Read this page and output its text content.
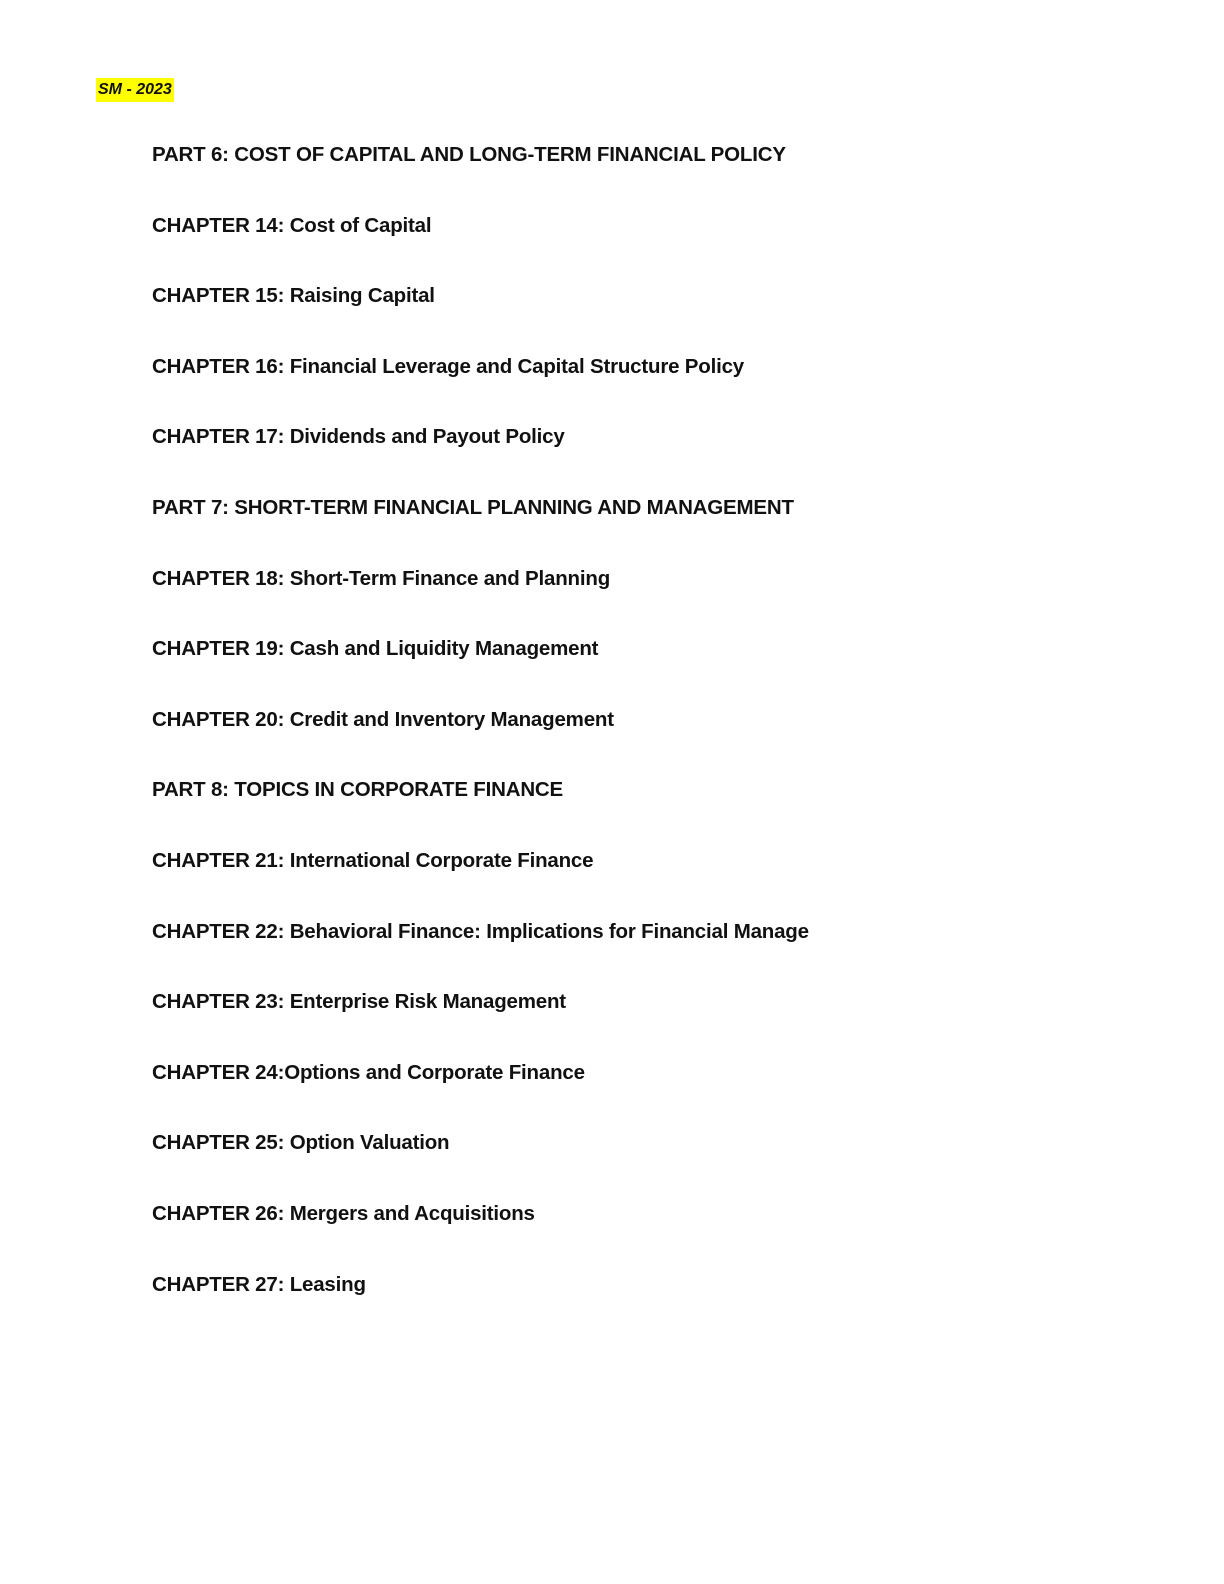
SM - 2023
PART 6: COST OF CAPITAL AND LONG-TERM FINANCIAL POLICY
CHAPTER 14: Cost of Capital
CHAPTER 15: Raising Capital
CHAPTER 16: Financial Leverage and Capital Structure Policy
CHAPTER 17: Dividends and Payout Policy
PART 7: SHORT-TERM FINANCIAL PLANNING AND MANAGEMENT
CHAPTER 18: Short-Term Finance and Planning
CHAPTER 19: Cash and Liquidity Management
CHAPTER 20: Credit and Inventory Management
PART 8: TOPICS IN CORPORATE FINANCE
CHAPTER 21: International Corporate Finance
CHAPTER 22: Behavioral Finance: Implications for Financial Manage
CHAPTER 23: Enterprise Risk Management
CHAPTER 24:Options and Corporate Finance
CHAPTER 25: Option Valuation
CHAPTER 26: Mergers and Acquisitions
CHAPTER 27: Leasing
